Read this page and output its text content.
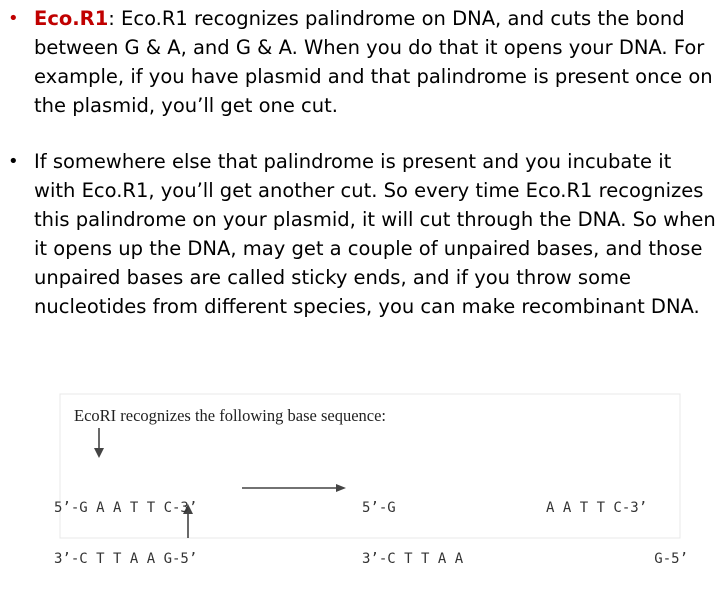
• Eco.R1: Eco.R1 recognizes palindrome on DNA, and cuts the bond between G & A, and G & A. When you do that it opens your DNA. For example, if you have plasmid and that palindrome is present once on the plasmid, you’ll get one cut.
• If somewhere else that palindrome is present and you incubate it with Eco.R1, you’ll get another cut. So every time Eco.R1 recognizes this palindrome on your plasmid, it will cut through the DNA. So when it opens up the DNA, may get a couple of unpaired bases, and those unpaired bases are called sticky ends, and if you throw some nucleotides from different species, you can make recombinant DNA.
EcoRI recognizes the following base sequence:

5’-G A A T T C-3’

3’-C T T A A G-5’

5’-G

3’-C T T A A

A A T T C-3’

G-5’
